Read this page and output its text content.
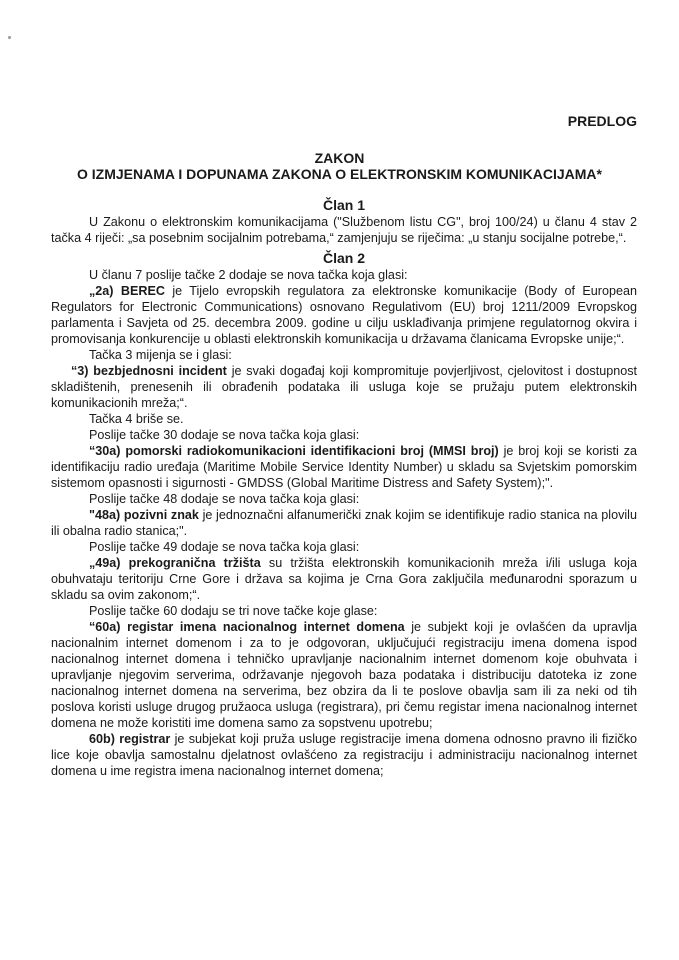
PREDLOG
ZAKON
O IZMJENAMA I DOPUNAMA ZAKONA O ELEKTRONSKIM KOMUNIKACIJAMA*

Član 1

U Zakonu o elektronskim komunikacijama ("Službenom listu CG", broj 100/24) u članu 4 stav 2 tačka 4 riječi: „sa posebnim socijalnim potrebama,“ zamjenjuju se riječima: „u stanju socijalne potrebe,“.

Član 2

U članu 7 poslije tačke 2 dodaje se nova tačka koja glasi:

„2a) BEREC je Tijelo evropskih regulatora za elektronske komunikacije (Body of European Regulators for Electronic Communications) osnovano Regulativom (EU) broj 1211/2009 Evropskog parlamenta i Savjeta od 25. decembra 2009. godine u cilju usklađivanja primjene regulatornog okvira i promovisanja konkurencije u oblasti elektronskih komunikacija u državama članicama Evropske unije;“.

Tačka 3 mijenja se i glasi:

“3) bezbjednosni incident je svaki događaj koji kompromituje povjerljivost, cjelovitost i dostupnost skladištenih, prenesenih ili obrađenih podataka ili usluga koje se pružaju putem elektronskih komunikacionih mreža;“.

Tačka 4 briše se.

Poslije tačke 30 dodaje se nova tačka koja glasi:

“30a) pomorski radiokomunikacioni identifikacioni broj (MMSI broj) je broj koji se koristi za identifikaciju radio uređaja (Maritime Mobile Service Identity Number) u skladu sa Svjetskim pomorskim sistemom opasnosti i sigurnosti - GMDSS (Global Maritime Distress and Safety System);".

Poslije tačke 48 dodaje se nova tačka koja glasi:

"48a) pozivni znak je jednoznačni alfanumerički znak kojim se identifikuje radio stanica na plovilu ili obalna radio stanica;".

Poslije tačke 49 dodaje se nova tačka koja glasi:

„49a) prekogranična tržišta su tržišta elektronskih komunikacionih mreža i/ili usluga koja obuhvataju teritoriju Crne Gore i država sa kojima je Crna Gora zaključila međunarodni sporazum u skladu sa ovim zakonom;“.

Poslije tačke 60 dodaju se tri nove tačke koje glase:

“60a) registar imena nacionalnog internet domena je subjekt koji je ovlašćen da upravlja nacionalnim internet domenom i za to je odgovoran, uključujući registraciju imena domena ispod nacionalnog internet domena i tehničko upravljanje nacionalnim internet domenom koje obuhvata i upravljanje njegovim serverima, održavanje njegovoh baza podataka i distribuciju datoteka iz zone nacionalnog internet domena na serverima, bez obzira da li te poslove obavlja sam ili za neki od tih poslova koristi usluge drugog pružaoca usluga (registrara), pri čemu registar imena nacionalnog internet domena ne može koristiti ime domena samo za sopstvenu upotrebu;

60b) registrar je subjekat koji pruža usluge registracije imena domena odnosno pravno ili fizičko lice koje obavlja samostalnu djelatnost ovlašćeno za registraciju i administraciju nacionalnog internet domena u ime registra imena nacionalnog internet domena;
